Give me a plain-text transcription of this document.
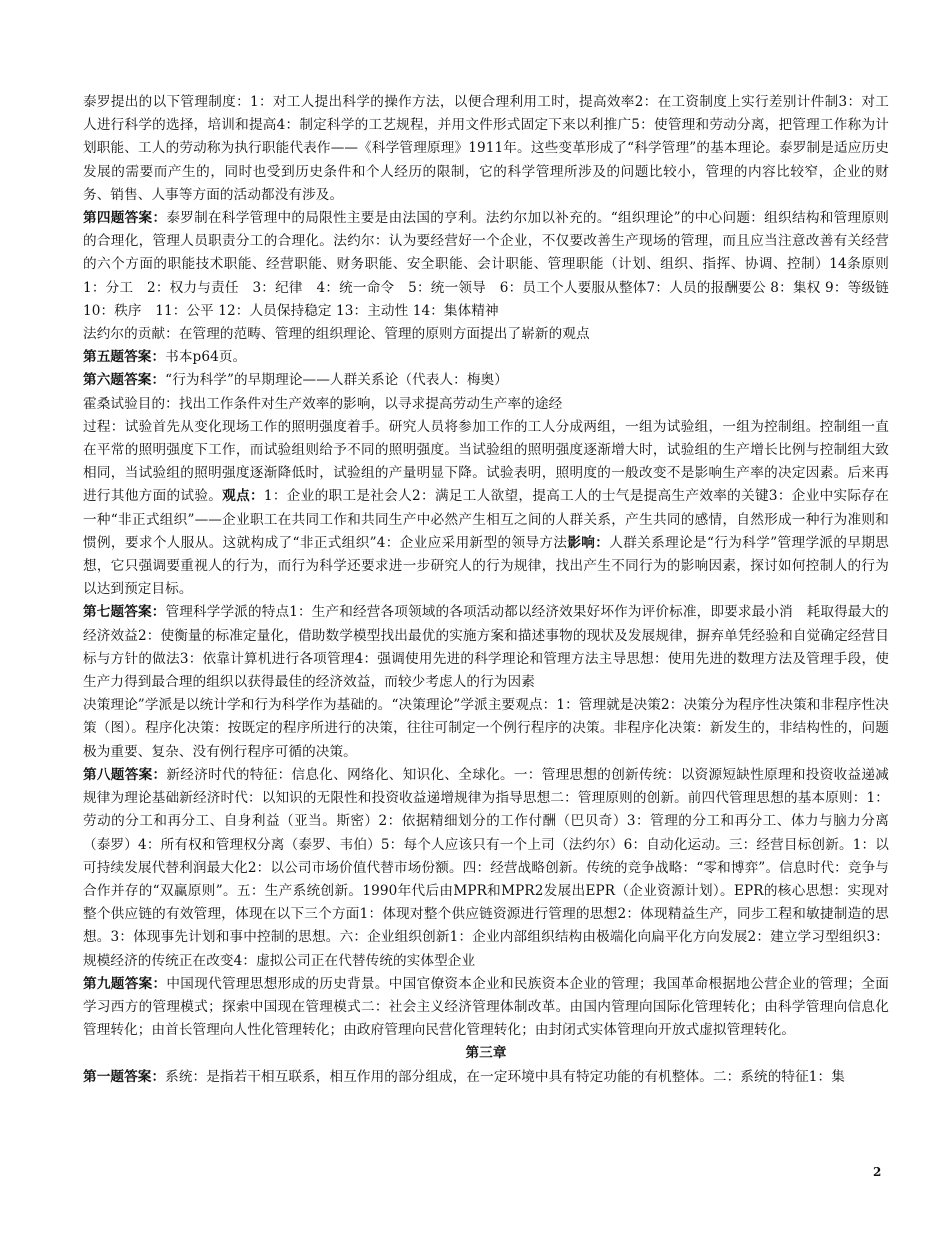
泰罗提出的以下管理制度：1：对工人提出科学的操作方法，以便合理利用工时，提高效率2：在工资制度上实行差别计件制3：对工人进行科学的选择，培训和提高4：制定科学的工艺规程，并用文件形式固定下来以利推广5：使管理和劳动分离，把管理工作称为计划职能、工人的劳动称为执行职能代表作——《科学管理原理》1911年。这些变革形成了“科学管理”的基本理论。泰罗制是适应历史发展的需要而产生的，同时也受到历史条件和个人经历的限制，它的科学管理所涉及的问题比较小，管理的内容比较窄，企业的财务、销售、人事等方面的活动都没有涉及。

第四题答案：泰罗制在科学管理中的局限性主要是由法国的亨利。法约尔加以补充的。“组织理论”的中心问题：组织结构和管理原则的合理化，管理人员职责分工的合理化。法约尔：认为要经营好一个企业，不仅要改善生产现场的管理，而且应当注意改善有关经营的六个方面的职能技术职能、经营职能、财务职能、安全职能、会计职能、管理职能（计划、组织、指挥、协调、控制）14条原则1：分工　2：权力与责任　3：纪律　4：统一命令　5：统一领导　6：员工个人要服从整体7：人员的报酬要公 8：集权 9：等级链 10：秩序　11：公平 12：人员保持稳定 13：主动性 14：集体精神

法约尔的贡献：在管理的范畴、管理的组织理论、管理的原则方面提出了崭新的观点

第五题答案：书本p64页。

第六题答案：“行为科学”的早期理论——人群关系论（代表人：梅奥）

霍桑试验目的：找出工作条件对生产效率的影响，以寻求提高劳动生产率的途经

过程：试验首先从变化现场工作的照明强度着手。研究人员将参加工作的工人分成两组，一组为试验组，一组为控制组。控制组一直在平常的照明强度下工作，而试验组则给予不同的照明强度。当试验组的照明强度逐渐增大时，试验组的生产增长比例与控制组大致相同，当试验组的照明强度逐渐降低时，试验组的产量明显下降。试验表明，照明度的一般改变不是影响生产率的决定因素。后来再进行其他方面的试验。观点：1：企业的职工是社会人2：满足工人欲望，提高工人的士气是提高生产效率的关键3：企业中实际存在一种“非正式组织”——企业职工在共同工作和共同生产中必然产生相互之间的人群关系，产生共同的感情，自然形成一种行为准则和惯例，要求个人服从。这就构成了“非正式组织”4：企业应采用新型的领导方法影响：人群关系理论是“行为科学”管理学派的早期思想，它只强调要重视人的行为，而行为科学还要求进一步研究人的行为规律，找出产生不同行为的影响因素，探讨如何控制人的行为以达到预定目标。

第七题答案：管理科学学派的特点1：生产和经营各项领域的各项活动都以经济效果好坏作为评价标准，即要求最小消　耗取得最大的经济效益2：使衡量的标准定量化，借助数学模型找出最优的实施方案和描述事物的现状及发展规律，摒弃单凭经验和自觉确定经营目标与方针的做法3：依靠计算机进行各项管理4：强调使用先进的科学理论和管理方法主导思想：使用先进的数理方法及管理手段，使生产力得到最合理的组织以获得最佳的经济效益，而较少考虑人的行为因素

决策理论”学派是以统计学和行为科学作为基础的。“决策理论”学派主要观点：1：管理就是决策2：决策分为程序性决策和非程序性决策（图）。程序化决策：按既定的程序所进行的决策，往往可制定一个例行程序的决策。非程序化决策：新发生的，非结构性的，问题极为重要、复杂、没有例行程序可循的决策。

第八题答案：新经济时代的特征：信息化、网络化、知识化、全球化。一：管理思想的创新传统：以资源短缺性原理和投资收益递减规律为理论基础新经济时代：以知识的无限性和投资收益递增规律为指导思想二：管理原则的创新。前四代管理思想的基本原则：1：劳动的分工和再分工、自身利益（亚当。斯密）2：依据精细划分的工作付酬（巴贝奇）3：管理的分工和再分工、体力与脑力分离（泰罗）4：所有权和管理权分离（泰罗、韦伯）5：每个人应该只有一个上司（法约尔）6：自动化运动。三：经营目标创新。1：以可持续发展代替利润最大化2：以公司市场价值代替市场份额。四：经营战略创新。传统的竞争战略：“零和博弈”。信息时代：竞争与合作并存的“双赢原则”。五：生产系统创新。1990年代后由MPR和MPR2发展出EPR（企业资源计划）。EPR的核心思想：实现对整个供应链的有效管理，体现在以下三个方面1：体现对整个供应链资源进行管理的思想2：体现精益生产，同步工程和敏捷制造的思想。3：体现事先计划和事中控制的思想。六：企业组织创新1：企业内部组织结构由极端化向扁平化方向发展2：建立学习型组织3：规模经济的传统正在改变4：虚拟公司正在代替传统的实体型企业

第九题答案：中国现代管理思想形成的历史背景。中国官僚资本企业和民族资本企业的管理；我国革命根据地公营企业的管理；全面学习西方的管理模式；探索中国现在管理模式二：社会主义经济管理体制改革。由国内管理向国际化管理转化；由科学管理向信息化管理转化；由首长管理向人性化管理转化；由政府管理向民营化管理转化；由封闭式实体管理向开放式虚拟管理转化。

第三章

第一题答案：系统：是指若干相互联系，相互作用的部分组成，在一定环境中具有特定功能的有机整体。二：系统的特征1：集

2
